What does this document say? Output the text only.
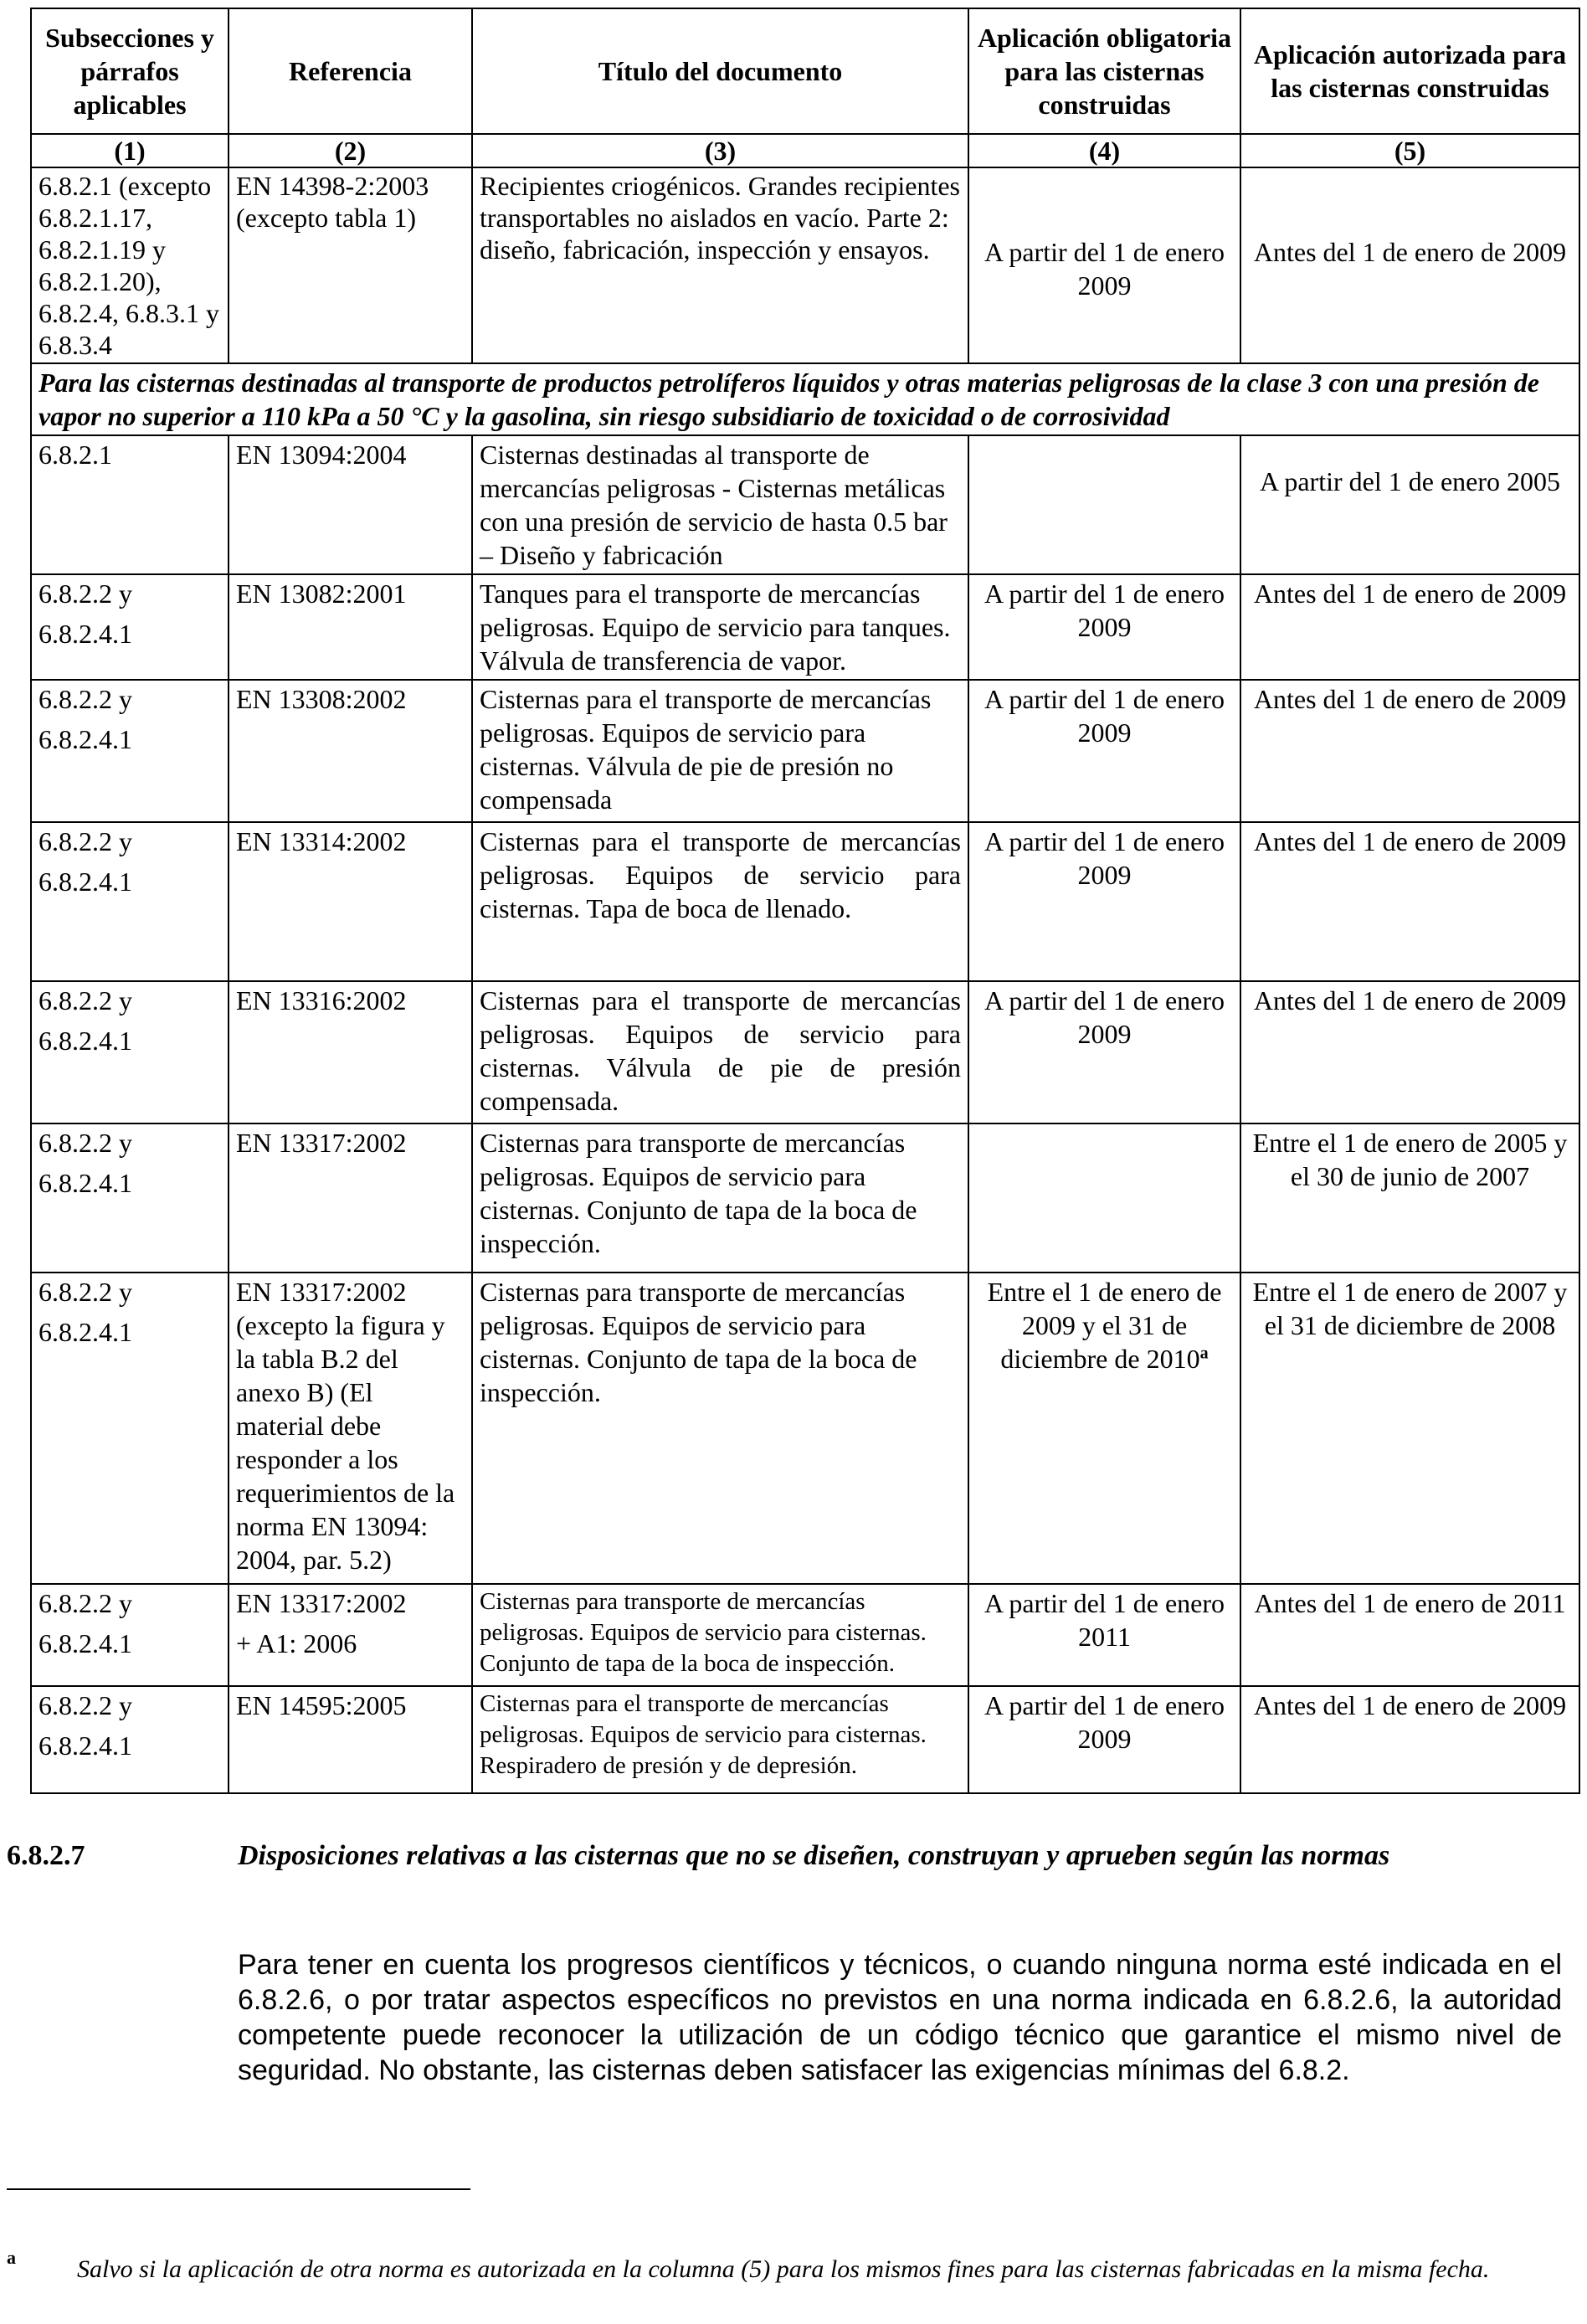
Subsecciones y párrafos aplicables	Referencia	Título del documento	Aplicación obligatoria para las cisternas construidas	Aplicación autorizada para las cisternas construidas
(1)	(2)	(3)	(4)	(5)
6.8.2.1 (excepto 6.8.2.1.17, 6.8.2.1.19 y 6.8.2.1.20), 6.8.2.4, 6.8.3.1 y 6.8.3.4	EN 14398-2:2003 (excepto tabla 1)	Recipientes criogénicos. Grandes recipientes transportables no aislados en vacío. Parte 2: diseño, fabricación, inspección y ensayos.	A partir del 1 de enero 2009	Antes del 1 de enero de 2009
Para las cisternas destinadas al transporte de productos petrolíferos líquidos y otras materias peligrosas de la clase 3 con una presión de vapor no superior a 110 kPa a 50 °C y la gasolina, sin riesgo subsidiario de toxicidad o de corrosividad				

6.8.2.1	EN 13094:2004	Cisternas destinadas al transporte de mercancías peligrosas - Cisternas metálicas con una presión de servicio de hasta 0.5 bar – Diseño y fabricación		A partir del 1 de enero 2005

6.8.2.2 y
6.8.2.4.1	EN 13082:2001	Tanques para el transporte de mercancías peligrosas. Equipo de servicio para tanques. Válvula de transferencia de vapor.	A partir del 1 de enero 2009	Antes del 1 de enero de 2009

6.8.2.2 y
6.8.2.4.1	EN 13308:2002	Cisternas para el transporte de mercancías peligrosas. Equipos de servicio para cisternas. Válvula de pie de presión no compensada	A partir del 1 de enero 2009	Antes del 1 de enero de 2009

6.8.2.2 y
6.8.2.4.1	EN 13314:2002	Cisternas para el transporte de mercancías peligrosas. Equipos de servicio para cisternas. Tapa de boca de llenado.	A partir del 1 de enero 2009	Antes del 1 de enero de 2009

6.8.2.2 y
6.8.2.4.1	EN 13316:2002	Cisternas para el transporte de mercancías peligrosas. Equipos de servicio para cisternas. Válvula de pie de presión compensada.	A partir del 1 de enero 2009	Antes del 1 de enero de 2009

6.8.2.2 y
6.8.2.4.1	EN 13317:2002	Cisternas para transporte de mercancías peligrosas. Equipos de servicio para cisternas. Conjunto de tapa de la boca de inspección.		Entre el 1 de enero de 2005 y el 30 de junio de 2007

6.8.2.2 y
6.8.2.4.1	EN 13317:2002 (excepto la figura y la tabla B.2 del anexo B) (El material debe responder a los requerimientos de la norma EN 13094: 2004, par. 5.2)	Cisternas para transporte de mercancías peligrosas. Equipos de servicio para cisternas. Conjunto de tapa de la boca de inspección.	Entre el 1 de enero de 2009 y el 31 de diciembre de 2010$^a$	Entre el 1 de enero de 2007 y el 31 de diciembre de 2008

6.8.2.2 y
6.8.2.4.1	EN 13317:2002
+ A1: 2006	Cisternas para transporte de mercancías peligrosas. Equipos de servicio para cisternas. Conjunto de tapa de la boca de inspección.	A partir del 1 de enero 2011	Antes del 1 de enero de 2011

6.8.2.2 y
6.8.2.4.1	EN 14595:2005	Cisternas para el transporte de mercancías peligrosas. Equipos de servicio para cisternas. Respiradero de presión y de depresión.	A partir del 1 de enero 2009	Antes del 1 de enero de 2009
6.8.2.7	Disposiciones relativas a las cisternas que no se diseñen, construyan y aprueben según las normas
Para tener en cuenta los progresos científicos y técnicos, o cuando ninguna norma esté indicada en el 6.8.2.6, o por tratar aspectos específicos no previstos en una norma indicada en 6.8.2.6, la autoridad competente puede reconocer la utilización de un código técnico que garantice el mismo nivel de seguridad. No obstante, las cisternas deben satisfacer las exigencias mínimas del 6.8.2.
a	Salvo si la aplicación de otra norma es autorizada en la columna (5) para los mismos fines para las cisternas fabricadas en la misma fecha.
